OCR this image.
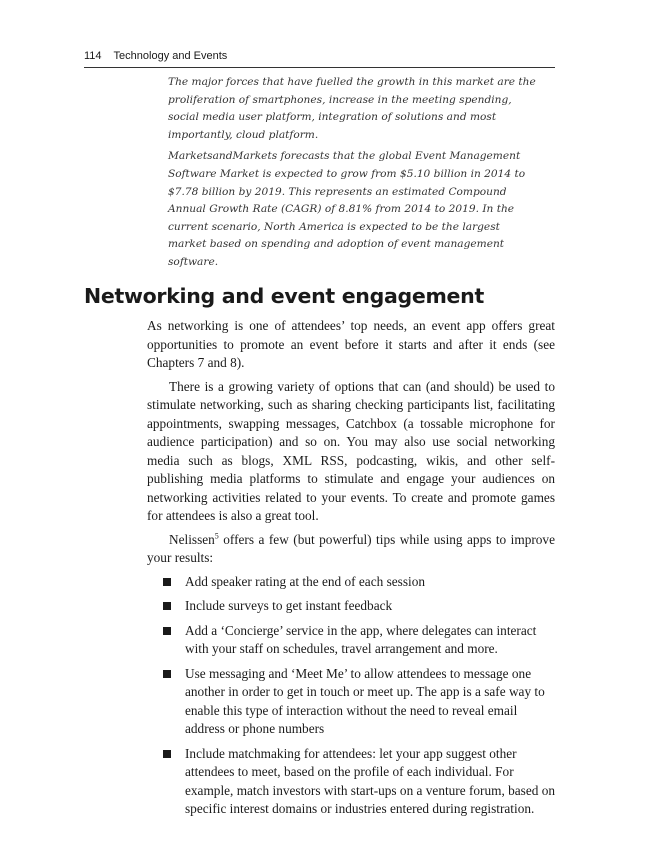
114 Technology and Events

The major forces that have fuelled the growth in this market are the proliferation of smartphones, increase in the meeting spending, social media user platform, integration of solutions and most importantly, cloud platform.

MarketsandMarkets forecasts that the global Event Management Software Market is expected to grow from $5.10 billion in 2014 to $7.78 billion by 2019. This represents an estimated Compound Annual Growth Rate (CAGR) of 8.81% from 2014 to 2019. In the current scenario, North America is expected to be the largest market based on spending and adoption of event management software.

Networking and event engagement

As networking is one of attendees’ top needs, an event app offers great opportunities to promote an event before it starts and after it ends (see Chapters 7 and 8).

There is a growing variety of options that can (and should) be used to stimulate networking, such as sharing checking participants list, facilitating appointments, swapping messages, Catchbox (a tossable microphone for audience participation) and so on. You may also use social networking media such as blogs, XML RSS, podcasting, wikis, and other self-publishing media platforms to stimulate and engage your audiences on networking activities related to your events. To create and promote games for attendees is also a great tool.

Nelissen$^5$ offers a few (but powerful) tips while using apps to improve your results:

Add speaker rating at the end of each session
Include surveys to get instant feedback
Add a ‘Concierge’ service in the app, where delegates can interact with your staff on schedules, travel arrangement and more.
Use messaging and ‘Meet Me’ to allow attendees to message one another in order to get in touch or meet up. The app is a safe way to enable this type of interaction without the need to reveal email address or phone numbers
Include matchmaking for attendees: let your app suggest other attendees to meet, based on the profile of each individual. For example, match investors with start-ups on a venture forum, based on specific interest domains or industries entered during registration.
